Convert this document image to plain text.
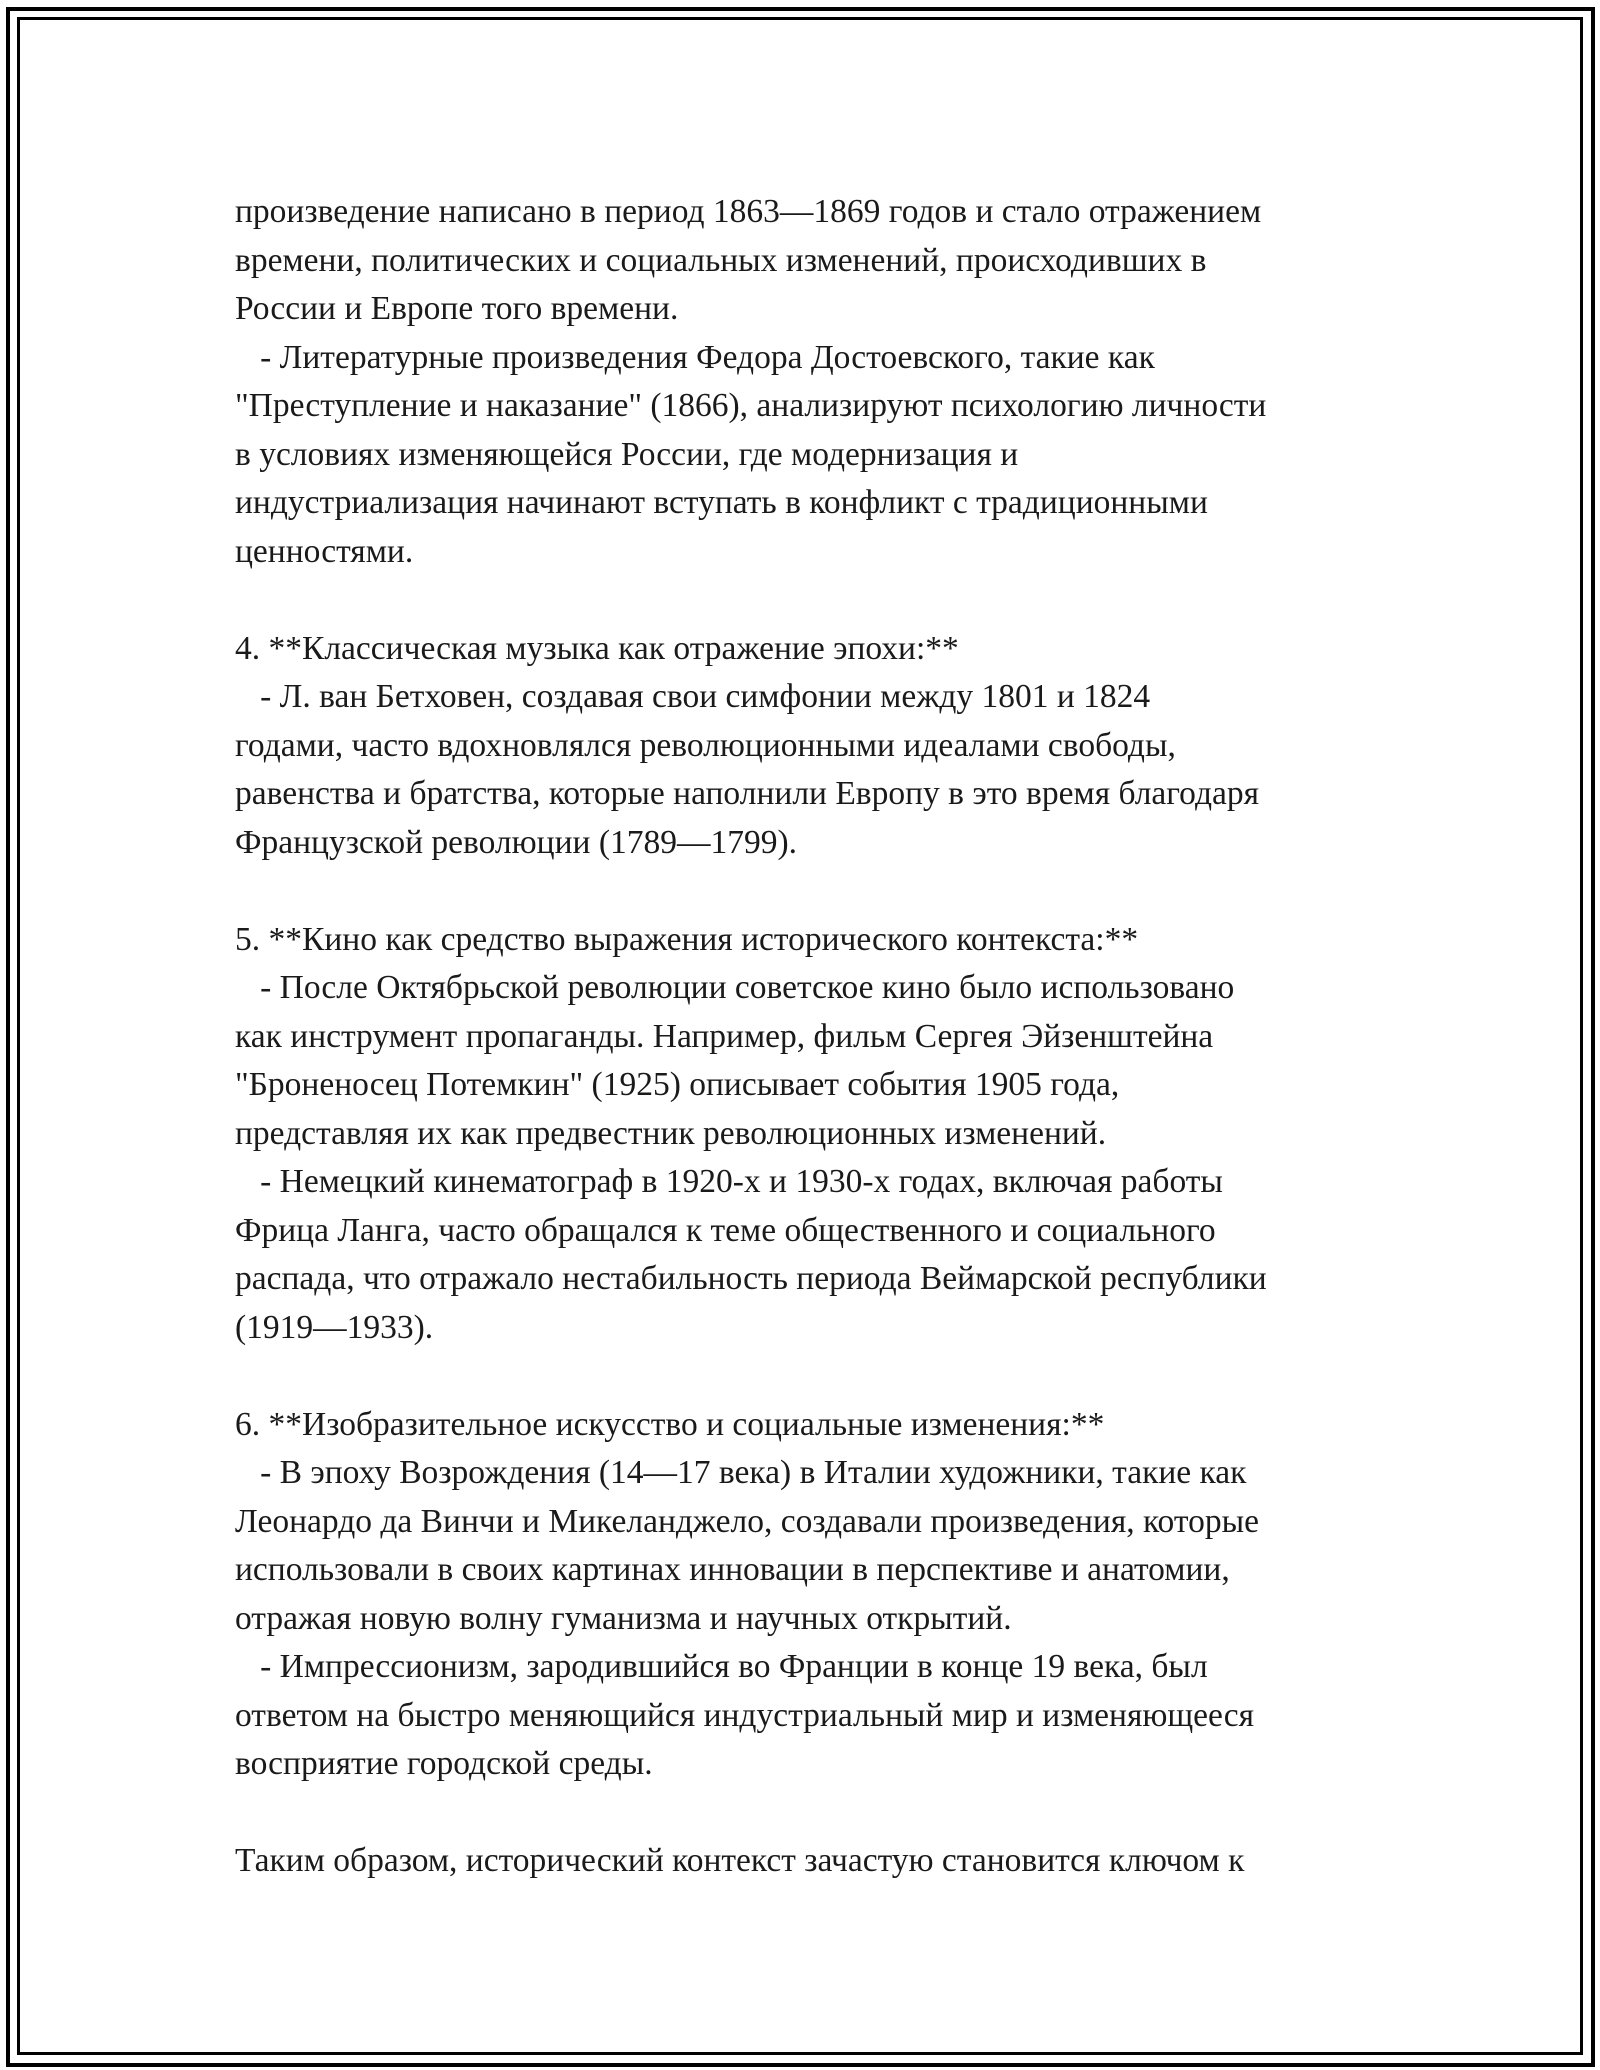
произведение написано в период 1863—1869 годов и стало отражением
времени, политических и социальных изменений, происходивших в
России и Европе того времени.
- Литературные произведения Федора Достоевского, такие как
"Преступление и наказание" (1866), анализируют психологию личности
в условиях изменяющейся России, где модернизация и
индустриализация начинают вступать в конфликт с традиционными
ценностями.
4. **Классическая музыка как отражение эпохи:**
- Л. ван Бетховен, создавая свои симфонии между 1801 и 1824
годами, часто вдохновлялся революционными идеалами свободы,
равенства и братства, которые наполнили Европу в это время благодаря
Французской революции (1789—1799).
5. **Кино как средство выражения исторического контекста:**
- После Октябрьской революции советское кино было использовано
как инструмент пропаганды. Например, фильм Сергея Эйзенштейна
"Броненосец Потемкин" (1925) описывает события 1905 года,
представляя их как предвестник революционных изменений.
- Немецкий кинематограф в 1920-х и 1930-х годах, включая работы
Фрица Ланга, часто обращался к теме общественного и социального
распада, что отражало нестабильность периода Веймарской республики
(1919—1933).
6. **Изобразительное искусство и социальные изменения:**
- В эпоху Возрождения (14—17 века) в Италии художники, такие как
Леонардо да Винчи и Микеланджело, создавали произведения, которые
использовали в своих картинах инновации в перспективе и анатомии,
отражая новую волну гуманизма и научных открытий.
- Импрессионизм, зародившийся во Франции в конце 19 века, был
ответом на быстро меняющийся индустриальный мир и изменяющееся
восприятие городской среды.
Таким образом, исторический контекст зачастую становится ключом к
